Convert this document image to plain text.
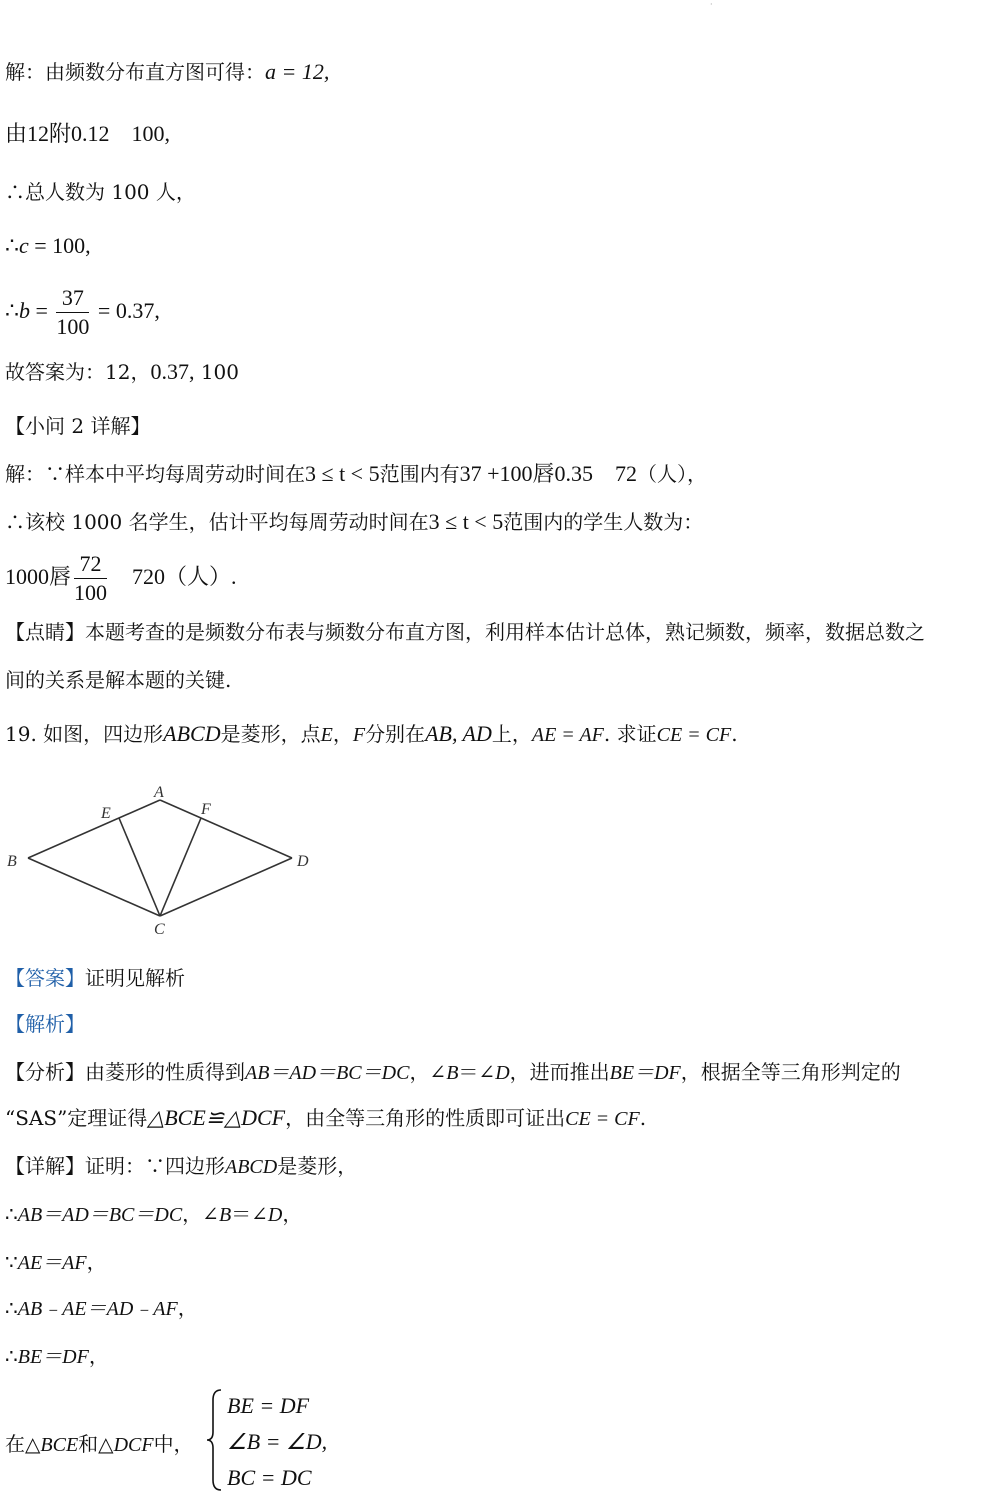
·
解：由频数分布直方图可得：a = 12,
由12附0.12　100,
∴总人数为 100 人，
∴c = 100,
∴b = $\frac{37}{100} = 0.37$,
故答案为：12，0.37, 100
【小问 2 详解】
解：∵样本中平均每周劳动时间在3 ≤ t < 5范围内有37 +100唇0.35　72（人），
∴该校 1000 名学生，估计平均每周劳动时间在3 ≤ t < 5范围内的学生人数为：
1000唇 $\frac{72}{100}$ 　720（人）.
【点睛】本题考查的是频数分布表与频数分布直方图，利用样本估计总体，熟记频数，频率，数据总数之
间的关系是解本题的关键.
19. 如图，四边形ABCD是菱形，点E，F分别在AB, AD上，AE = AF. 求证CE = CF.
A
B
C
D
E	F
【答案】证明见解析
【解析】
【分析】由菱形的性质得到AB＝AD＝BC＝DC，∠B＝∠D，进而推出BE＝DF，根据全等三角形判定的
“SAS”定理证得△BCE≌△DCF，由全等三角形的性质即可证出CE = CF.
【详解】证明：∵四边形ABCD是菱形，
∴AB＝AD＝BC＝DC，∠B＝∠D，
∵AE＝AF，
∴AB﹣AE＝AD﹣AF，
∴BE＝DF，
在△BCE和△DCF中，
BE = DF
∠B = ∠D,
BC = DC
